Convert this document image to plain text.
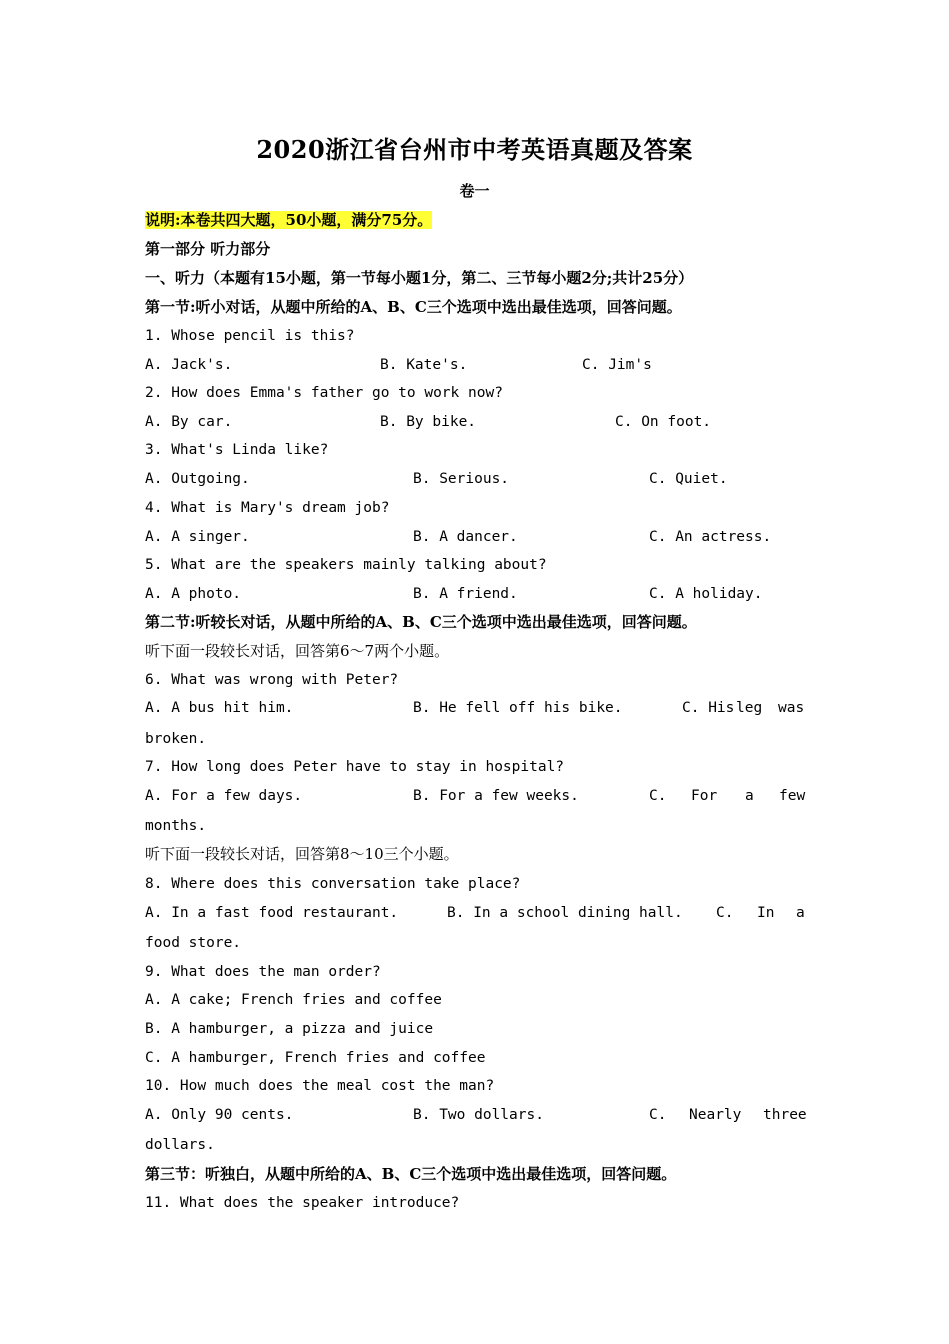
2020浙江省台州市中考英语真题及答案
卷一
说明:本卷共四大题，50小题，满分75分。
第一部分 听力部分
一、听力（本题有15小题，第一节每小题1分，第二、三节每小题2分;共计25分）
第一节:听小对话，从题中所给的A、B、C三个选项中选出最佳选项，回答问题。
1. Whose pencil is this?
A. Jack's.	B. Kate's.	C. Jim's
2. How does Emma's father go to work now?
A. By car.	B. By bike.	C. On foot.
3. What's Linda like?
A. Outgoing.	B. Serious.	C. Quiet.
4. What is Mary's dream job?
A. A singer.	B. A dancer.	C. An actress.
5. What are the speakers mainly talking about?
A. A photo.	B. A friend.	C. A holiday.
第二节:听较长对话，从题中所给的A、B、C三个选项中选出最佳选项，回答问题。
听下面一段较长对话，回答第6～7两个小题。
6. What was wrong with Peter?
A. A bus hit him.	B. He fell off his bike.	C. His leg was
broken.
7. How long does Peter have to stay in hospital?
A. For a few days.	B. For a few weeks.	C. For a few
months.
听下面一段较长对话，回答第8～10三个小题。
8. Where does this conversation take place?
A. In a fast food restaurant.	B. In a school dining hall. C. In a
food store.
9. What does the man order?
A. A cake; French fries and coffee
B. A hamburger, a pizza and juice
C. A hamburger, French fries and coffee
10. How much does the meal cost the man?
A. Only 90 cents.	B. Two dollars.	C. Nearly three
dollars.
第三节：听独白，从题中所给的A、B、C三个选项中选出最佳选项，回答问题。
11. What does the speaker introduce?
